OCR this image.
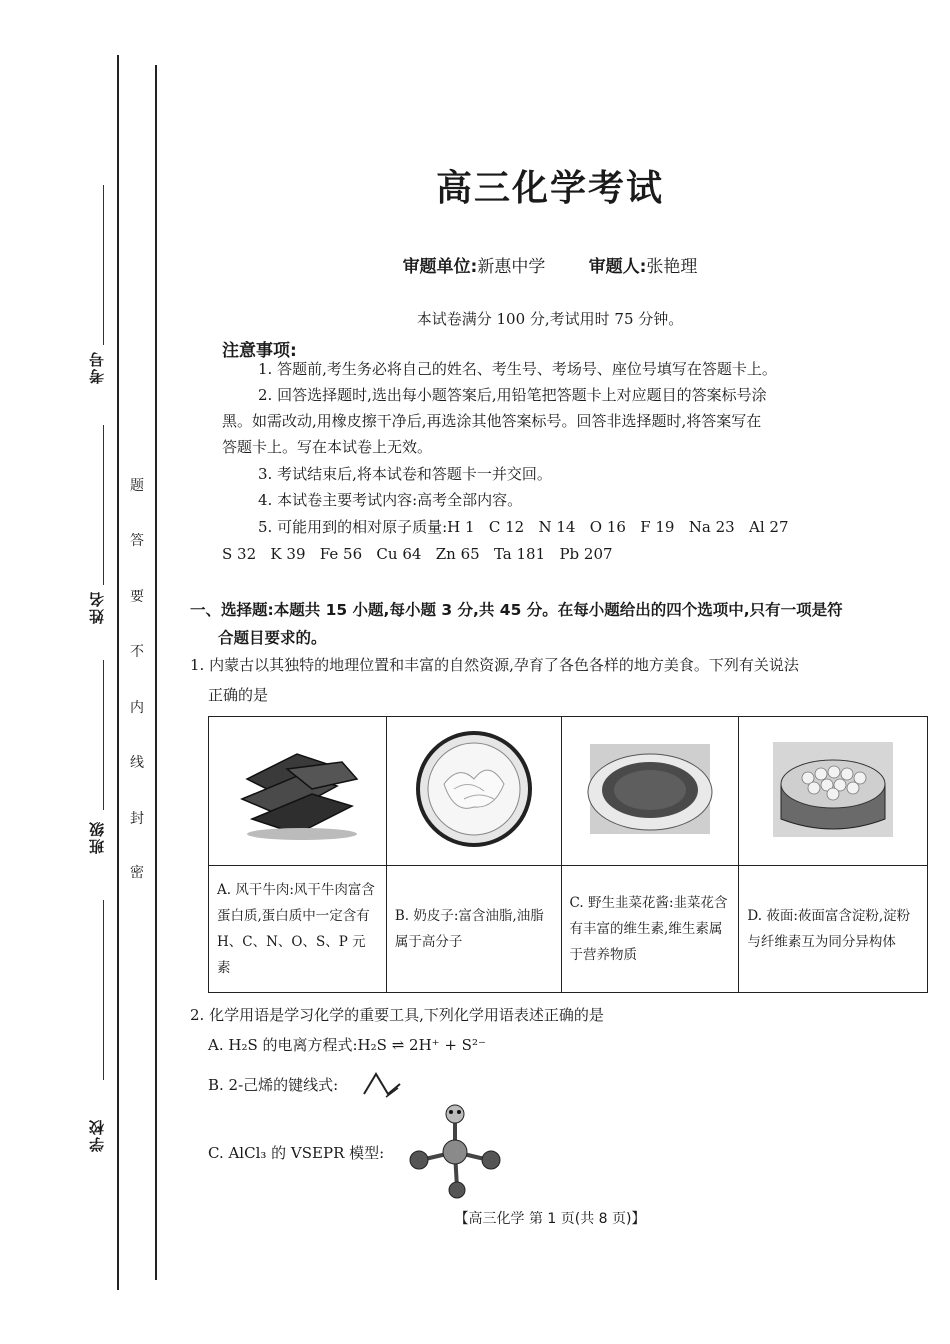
考号
姓名
班级
学校
题
答
要
不
内
线
封
密
高三化学考试
审题单位:新惠中学	审题人:张艳理
本试卷满分 100 分,考试用时 75 分钟。
注意事项:
1. 答题前,考生务必将自己的姓名、考生号、考场号、座位号填写在答题卡上。
2. 回答选择题时,选出每小题答案后,用铅笔把答题卡上对应题目的答案标号涂
黑。如需改动,用橡皮擦干净后,再选涂其他答案标号。回答非选择题时,将答案写在
答题卡上。写在本试卷上无效。
3. 考试结束后,将本试卷和答题卡一并交回。
4. 本试卷主要考试内容:高考全部内容。
5. 可能用到的相对原子质量:H 1   C 12   N 14   O 16   F 19   Na 23   Al 27
S 32   K 39   Fe 56   Cu 64   Zn 65   Ta 181   Pb 207
一、选择题:本题共 15 小题,每小题 3 分,共 45 分。在每小题给出的四个选项中,只有一项是符
合题目要求的。
1. 内蒙古以其独特的地理位置和丰富的自然资源,孕育了各色各样的地方美食。下列有关说法
正确的是

A. 风干牛肉:风干牛肉富含蛋白质,蛋白质中一定含有 H、C、N、O、S、P 元素	B. 奶皮子:富含油脂,油脂属于高分子	C. 野生韭菜花酱:韭菜花含有丰富的维生素,维生素属于营养物质	D. 莜面:莜面富含淀粉,淀粉与纤维素互为同分异构体
2. 化学用语是学习化学的重要工具,下列化学用语表述正确的是
A. H₂S 的电离方程式:H₂S ⇌ 2H⁺ + S²⁻
B. 2-己烯的键线式:
C. AlCl₃ 的 VSEPR 模型:
【高三化学 第 1 页(共 8 页)】
